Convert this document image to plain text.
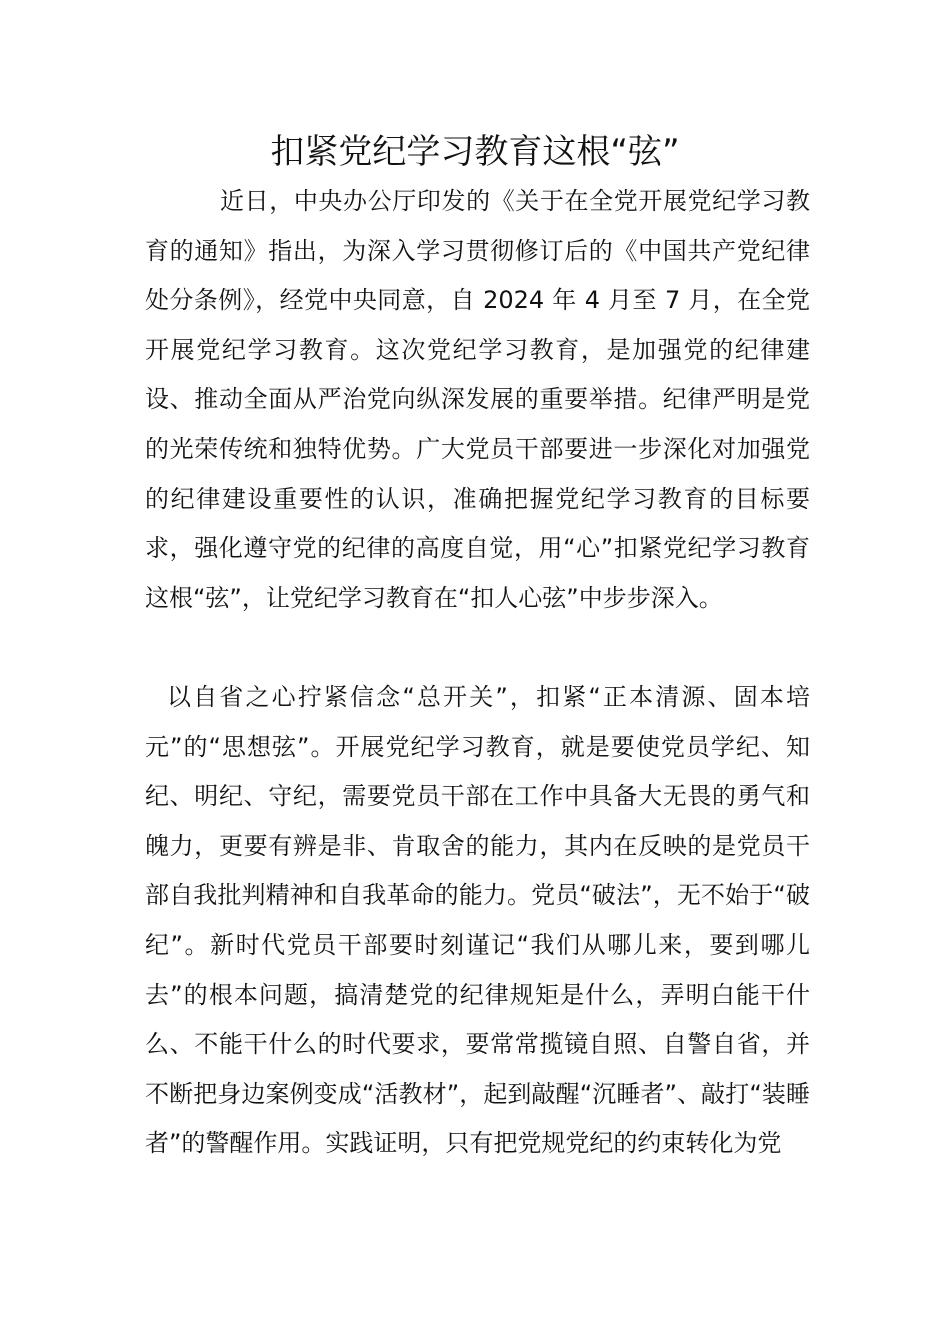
扣紧党纪学习教育这根“弦”

近日，中央办公厅印发的《关于在全党开展党纪学习教育的通知》指出，为深入学习贯彻修订后的《中国共产党纪律处分条例》，经党中央同意，自 2024 年 4 月至 7 月，在全党开展党纪学习教育。这次党纪学习教育，是加强党的纪律建设、推动全面从严治党向纵深发展的重要举措。纪律严明是党的光荣传统和独特优势。广大党员干部要进一步深化对加强党的纪律建设重要性的认识，准确把握党纪学习教育的目标要求，强化遵守党的纪律的高度自觉，用“心”扣紧党纪学习教育这根“弦”，让党纪学习教育在“扣人心弦”中步步深入。

以自省之心拧紧信念“总开关”，扣紧“正本清源、固本培元”的“思想弦”。开展党纪学习教育，就是要使党员学纪、知纪、明纪、守纪，需要党员干部在工作中具备大无畏的勇气和魄力，更要有辨是非、肯取舍的能力，其内在反映的是党员干部自我批判精神和自我革命的能力。党员“破法”，无不始于“破纪”。新时代党员干部要时刻谨记“我们从哪儿来，要到哪儿去”的根本问题，搞清楚党的纪律规矩是什么，弄明白能干什么、不能干什么的时代要求，要常常揽镜自照、自警自省，并不断把身边案例变成“活教材”，起到敲醒“沉睡者”、敲打“装睡者”的警醒作用。实践证明，只有把党规党纪的约束转化为党
